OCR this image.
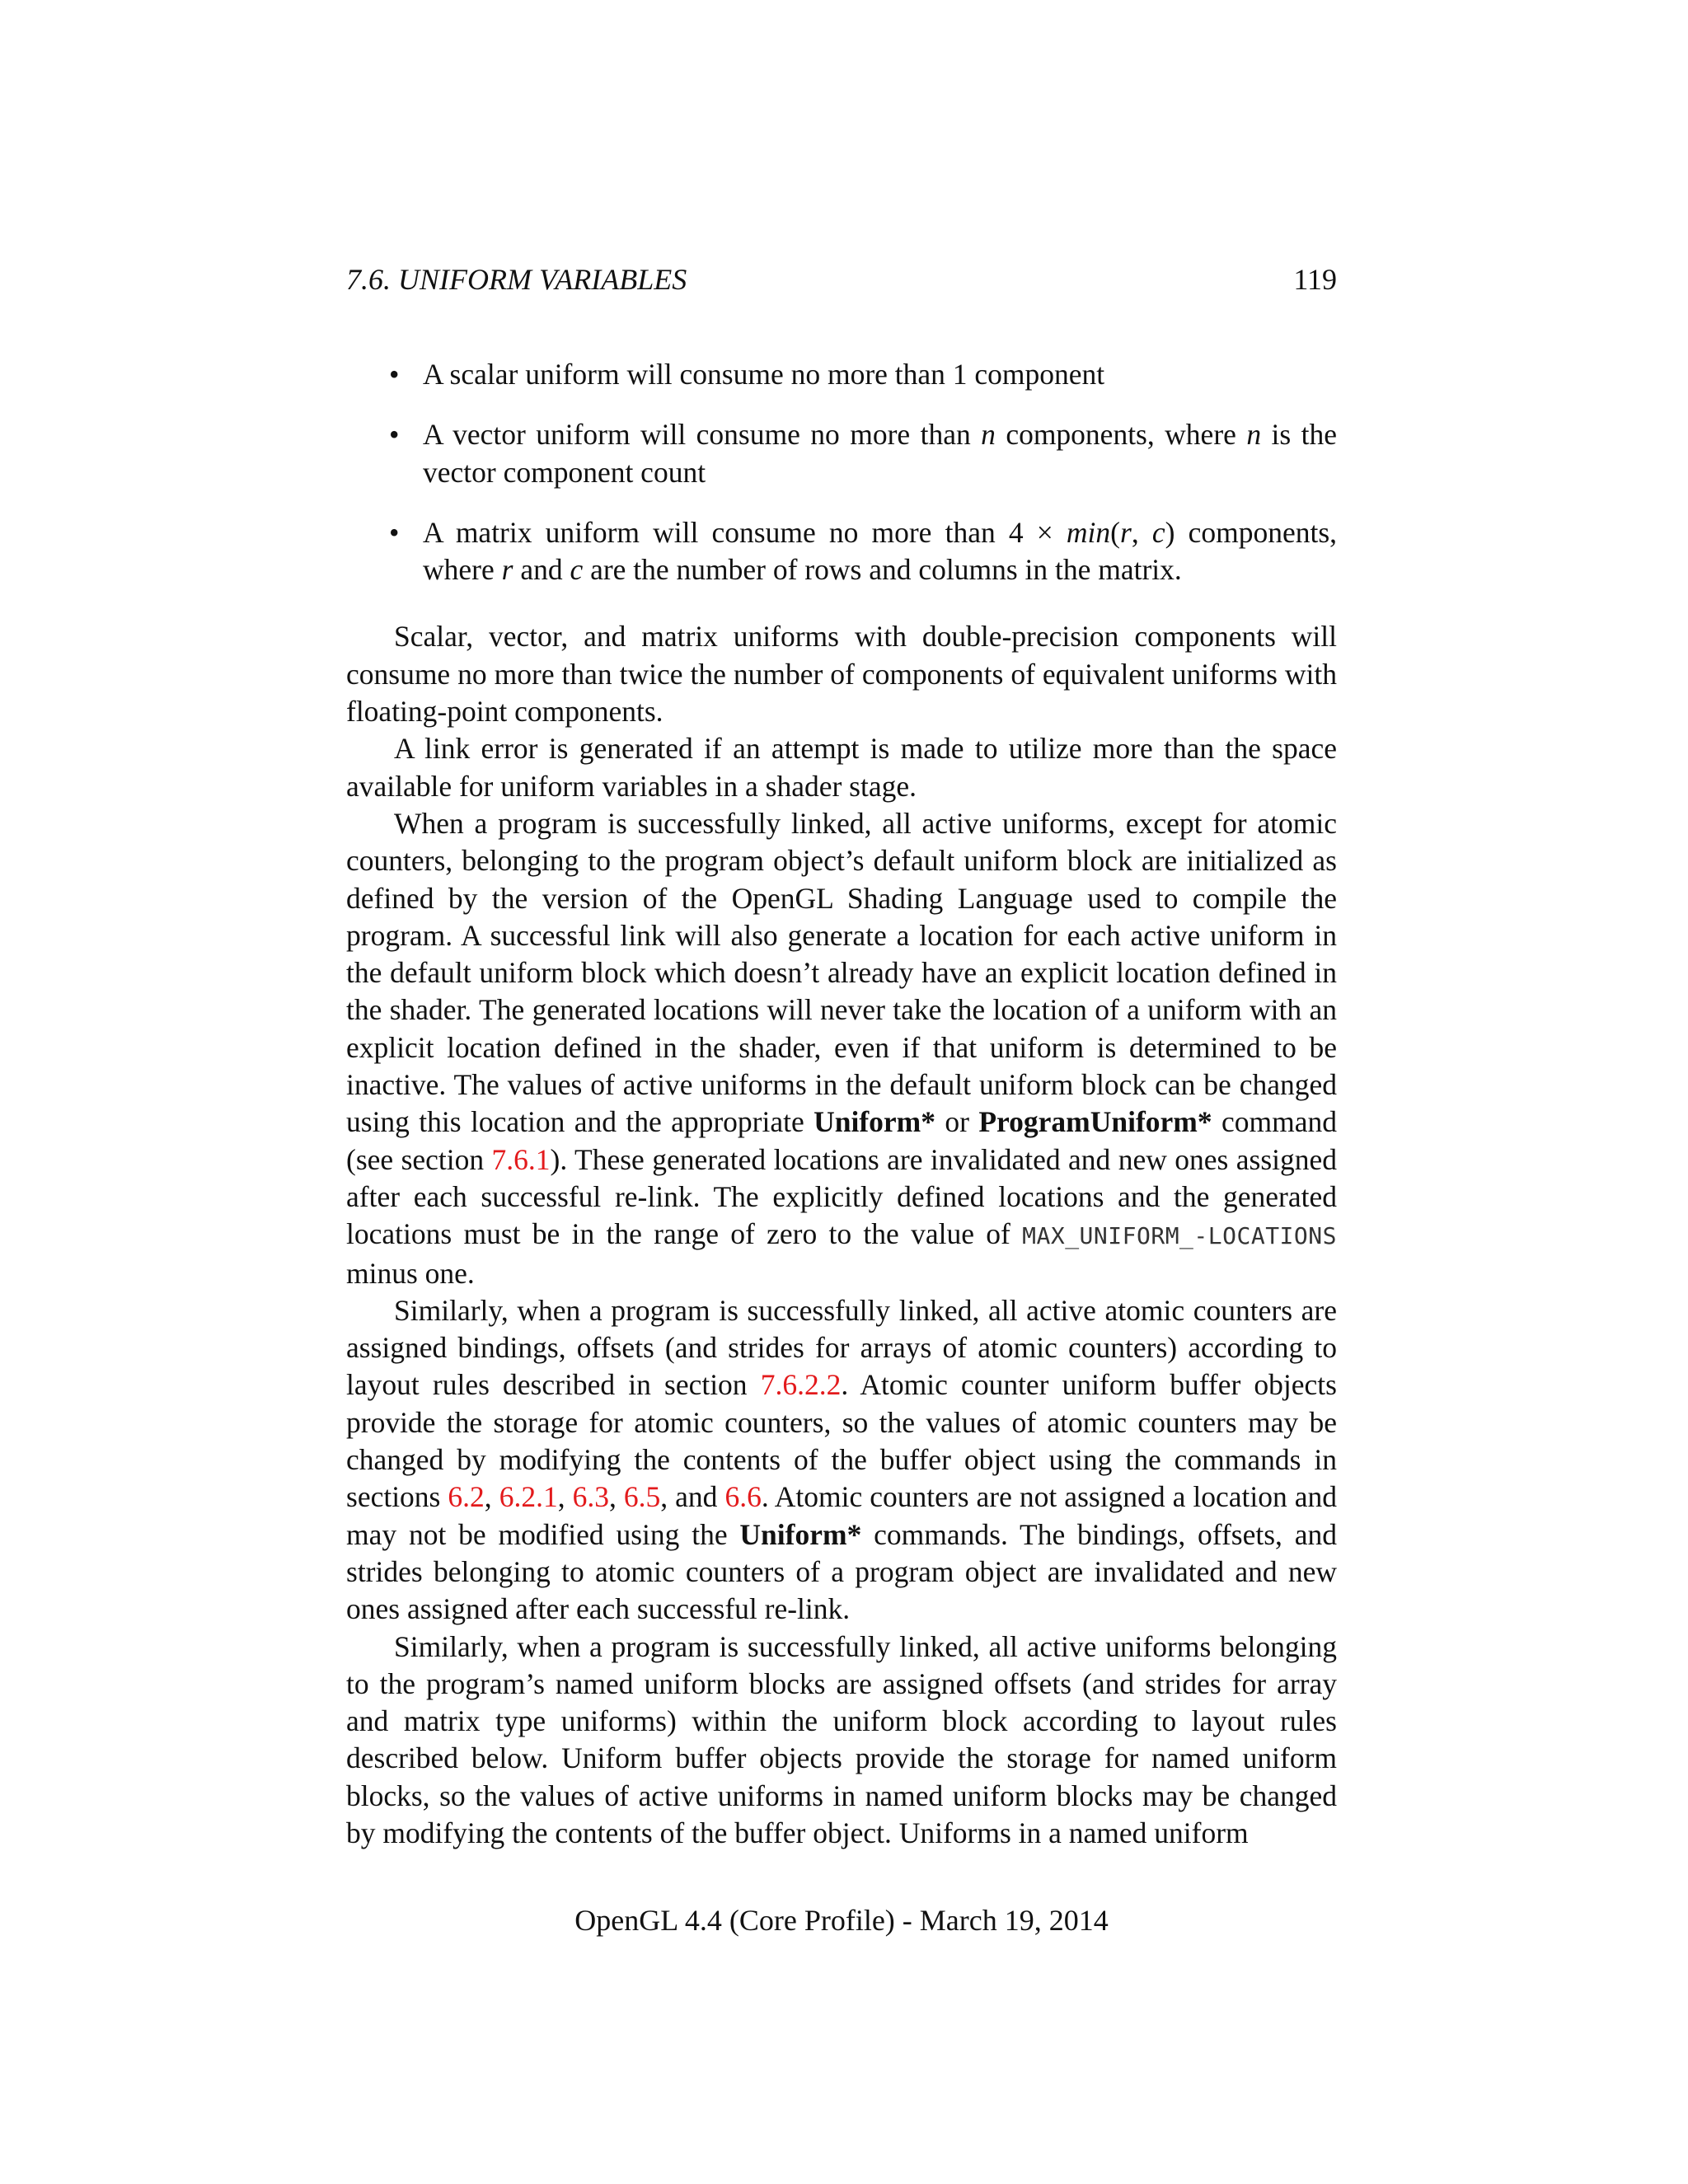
7.6. UNIFORM VARIABLES	119
• A scalar uniform will consume no more than 1 component
• A vector uniform will consume no more than n components, where n is the vector component count
• A matrix uniform will consume no more than 4 × min(r, c) components, where r and c are the number of rows and columns in the matrix.

Scalar, vector, and matrix uniforms with double-precision components will consume no more than twice the number of components of equivalent uniforms with floating-point components.

A link error is generated if an attempt is made to utilize more than the space available for uniform variables in a shader stage.

When a program is successfully linked, all active uniforms, except for atomic counters, belonging to the program object’s default uniform block are initialized as defined by the version of the OpenGL Shading Language used to compile the program. A successful link will also generate a location for each active uniform in the default uniform block which doesn’t already have an explicit location defined in the shader. The generated locations will never take the location of a uniform with an explicit location defined in the shader, even if that uniform is determined to be inactive. The values of active uniforms in the default uniform block can be changed using this location and the appropriate Uniform* or ProgramUniform* command (see section 7.6.1). These generated locations are invalidated and new ones assigned after each successful re-link. The explicitly defined locations and the generated locations must be in the range of zero to the value of MAX_UNIFORM_-LOCATIONS minus one.

Similarly, when a program is successfully linked, all active atomic counters are assigned bindings, offsets (and strides for arrays of atomic counters) according to layout rules described in section 7.6.2.2. Atomic counter uniform buffer objects provide the storage for atomic counters, so the values of atomic counters may be changed by modifying the contents of the buffer object using the commands in sections 6.2, 6.2.1, 6.3, 6.5, and 6.6. Atomic counters are not assigned a location and may not be modified using the Uniform* commands. The bindings, offsets, and strides belonging to atomic counters of a program object are invalidated and new ones assigned after each successful re-link.

Similarly, when a program is successfully linked, all active uniforms belonging to the program’s named uniform blocks are assigned offsets (and strides for array and matrix type uniforms) within the uniform block according to layout rules described below. Uniform buffer objects provide the storage for named uniform blocks, so the values of active uniforms in named uniform blocks may be changed by modifying the contents of the buffer object. Uniforms in a named uniform

OpenGL 4.4 (Core Profile) - March 19, 2014
